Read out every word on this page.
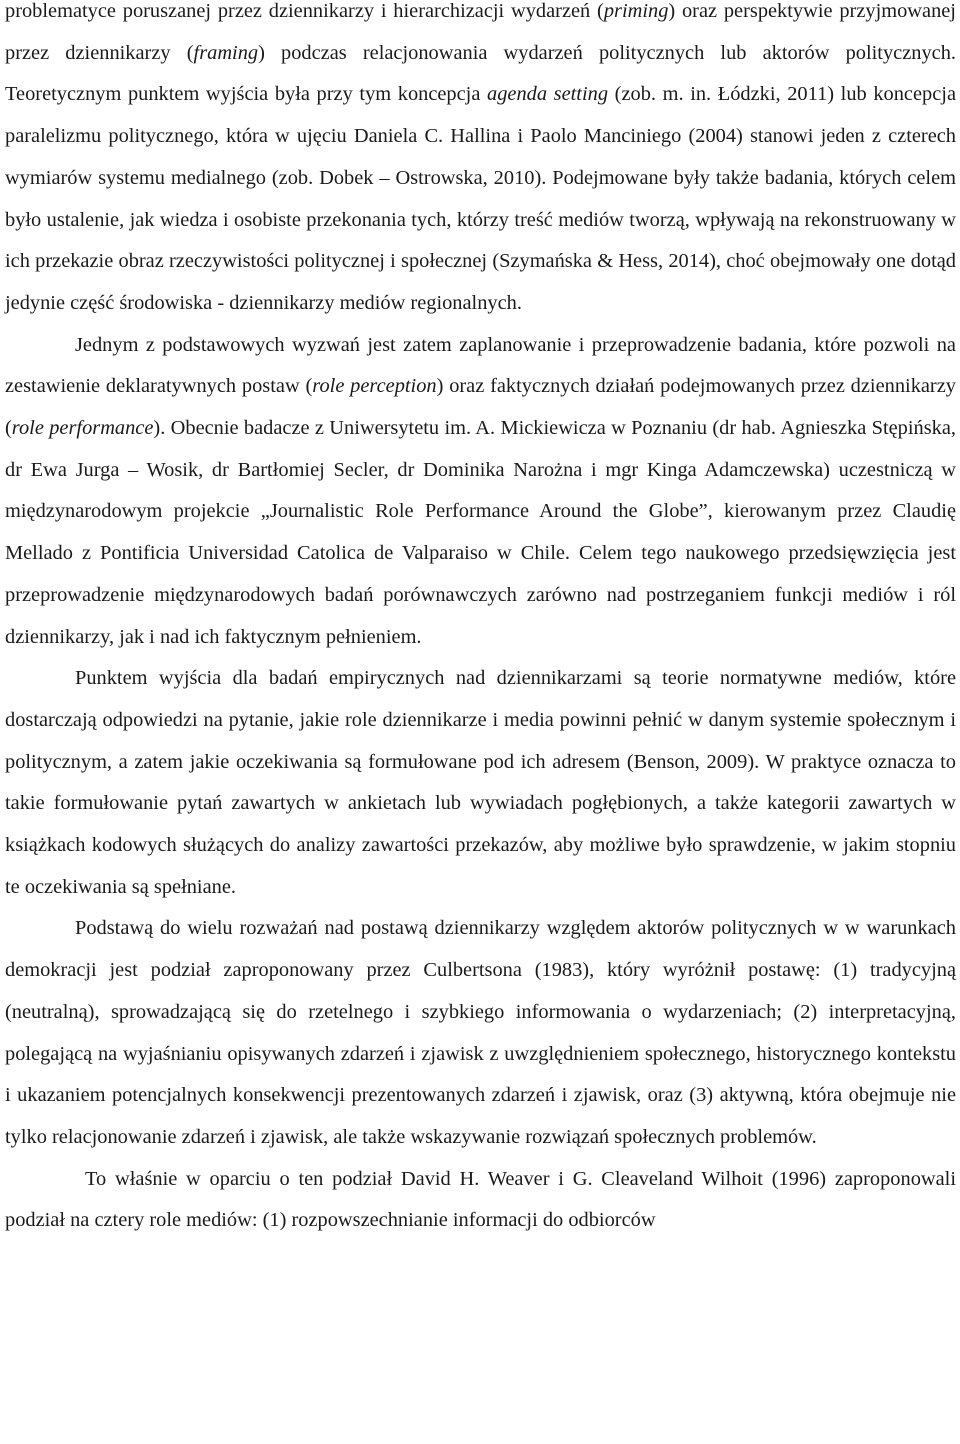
problematyce poruszanej przez dziennikarzy i hierarchizacji wydarzeń (priming) oraz perspektywie przyjmowanej przez dziennikarzy (framing) podczas relacjonowania wydarzeń politycznych lub aktorów politycznych. Teoretycznym punktem wyjścia była przy tym koncepcja agenda setting (zob. m. in. Łódzki, 2011) lub koncepcja paralelizmu politycznego, która w ujęciu Daniela C. Hallina i Paolo Manciniego (2004) stanowi jeden z czterech wymiarów systemu medialnego (zob. Dobek – Ostrowska, 2010). Podejmowane były także badania, których celem było ustalenie, jak wiedza i osobiste przekonania tych, którzy treść mediów tworzą, wpływają na rekonstruowany w ich przekazie obraz rzeczywistości politycznej i społecznej (Szymańska & Hess, 2014), choć obejmowały one dotąd jedynie część środowiska - dziennikarzy mediów regionalnych.

Jednym z podstawowych wyzwań jest zatem zaplanowanie i przeprowadzenie badania, które pozwoli na zestawienie deklaratywnych postaw (role perception) oraz faktycznych działań podejmowanych przez dziennikarzy (role performance). Obecnie badacze z Uniwersytetu im. A. Mickiewicza w Poznaniu (dr hab. Agnieszka Stępińska, dr Ewa Jurga – Wosik, dr Bartłomiej Secler, dr Dominika Narożna i mgr Kinga Adamczewska) uczestniczą w międzynarodowym projekcie „Journalistic Role Performance Around the Globe”, kierowanym przez Claudię Mellado z Pontificia Universidad Catolica de Valparaiso w Chile. Celem tego naukowego przedsięwzięcia jest przeprowadzenie międzynarodowych badań porównawczych zarówno nad postrzeganiem funkcji mediów i ról dziennikarzy, jak i nad ich faktycznym pełnieniem.

Punktem wyjścia dla badań empirycznych nad dziennikarzami są teorie normatywne mediów, które dostarczają odpowiedzi na pytanie, jakie role dziennikarze i media powinni pełnić w danym systemie społecznym i politycznym, a zatem jakie oczekiwania są formułowane pod ich adresem (Benson, 2009). W praktyce oznacza to takie formułowanie pytań zawartych w ankietach lub wywiadach pogłębionych, a także kategorii zawartych w książkach kodowych służących do analizy zawartości przekazów, aby możliwe było sprawdzenie, w jakim stopniu te oczekiwania są spełniane.

Podstawą do wielu rozważań nad postawą dziennikarzy względem aktorów politycznych w w warunkach demokracji jest podział zaproponowany przez Culbertsona (1983), który wyróżnił postawę: (1) tradycyjną (neutralną), sprowadzającą się do rzetelnego i szybkiego informowania o wydarzeniach; (2) interpretacyjną, polegającą na wyjaśnianiu opisywanych zdarzeń i zjawisk z uwzględnieniem społecznego, historycznego kontekstu i ukazaniem potencjalnych konsekwencji prezentowanych zdarzeń i zjawisk, oraz (3) aktywną, która obejmuje nie tylko relacjonowanie zdarzeń i zjawisk, ale także wskazywanie rozwiązań społecznych problemów.

To właśnie w oparciu o ten podział David H. Weaver i G. Cleaveland Wilhoit (1996) zaproponowali podział na cztery role mediów: (1) rozpowszechnianie informacji do odbiorców
